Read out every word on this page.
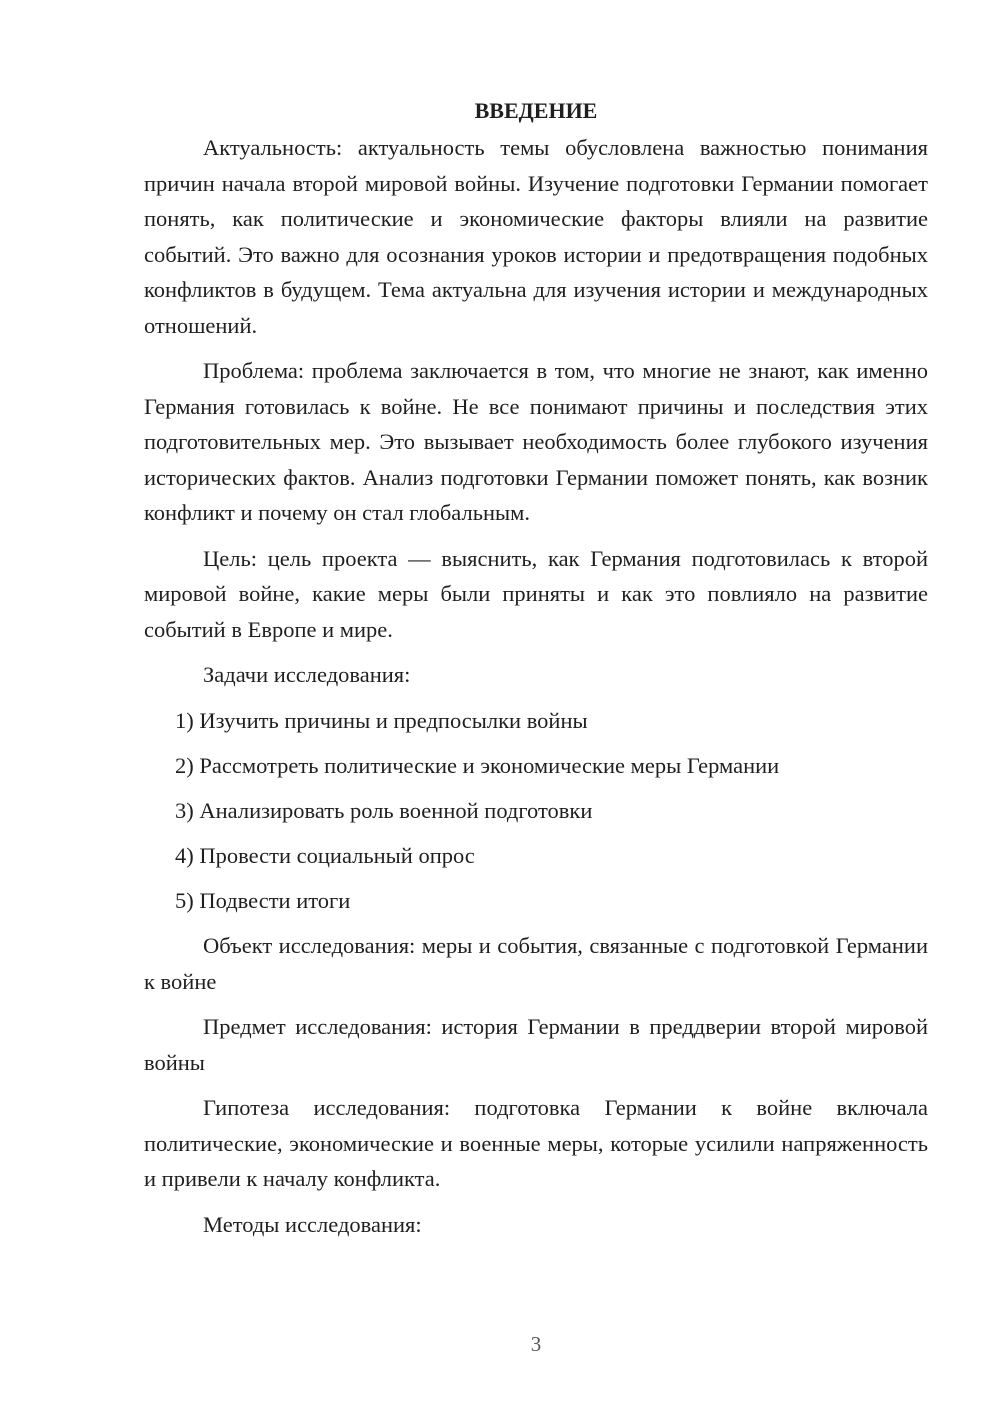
ВВЕДЕНИЕ

Актуальность: актуальность темы обусловлена важностью понимания причин начала второй мировой войны. Изучение подготовки Германии помогает понять, как политические и экономические факторы влияли на развитие событий. Это важно для осознания уроков истории и предотвращения подобных конфликтов в будущем. Тема актуальна для изучения истории и международных отношений.

Проблема: проблема заключается в том, что многие не знают, как именно Германия готовилась к войне. Не все понимают причины и последствия этих подготовительных мер. Это вызывает необходимость более глубокого изучения исторических фактов. Анализ подготовки Германии поможет понять, как возник конфликт и почему он стал глобальным.

Цель: цель проекта — выяснить, как Германия подготовилась к второй мировой войне, какие меры были приняты и как это повлияло на развитие событий в Европе и мире.

Задачи исследования:

1) Изучить причины и предпосылки войны
2) Рассмотреть политические и экономические меры Германии
3) Анализировать роль военной подготовки
4) Провести социальный опрос
5) Подвести итоги

Объект исследования: меры и события, связанные с подготовкой Германии к войне

Предмет исследования: история Германии в преддверии второй мировой войны

Гипотеза исследования: подготовка Германии к войне включала политические, экономические и военные меры, которые усилили напряженность и привели к началу конфликта.

Методы исследования:

3
